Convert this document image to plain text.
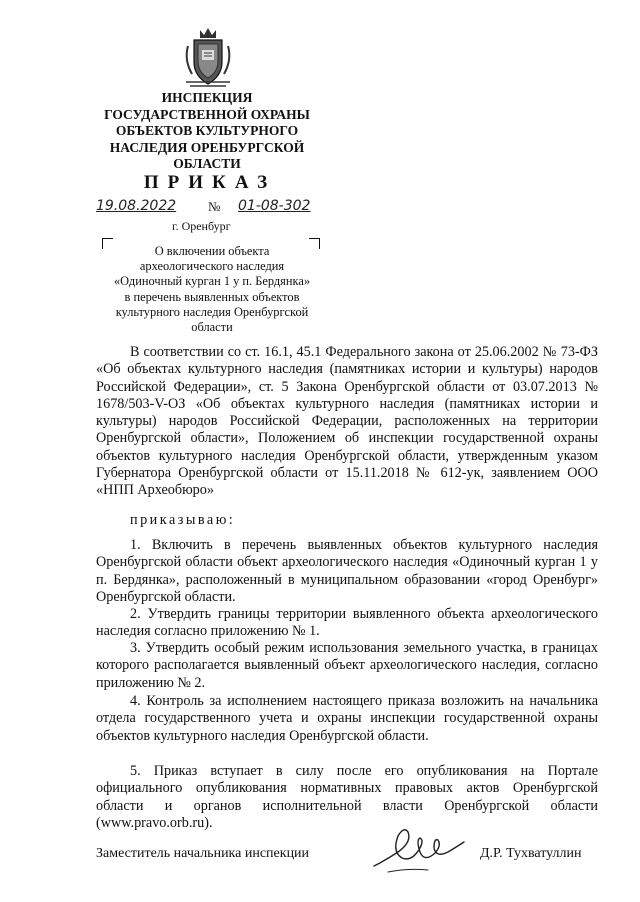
ИНСПЕКЦИЯ
ГОСУДАРСТВЕННОЙ ОХРАНЫ
ОБЪЕКТОВ КУЛЬТУРНОГО
НАСЛЕДИЯ ОРЕНБУРГСКОЙ
ОБЛАСТИ
ПРИКАЗ
19.08.2022 № 01-08-302
г. Оренбург
О включении объекта
археологического наследия
«Одиночный курган 1 у п. Бердянка»
в перечень выявленных объектов
культурного наследия Оренбургской
области
В соответствии со ст. 16.1, 45.1 Федерального закона от 25.06.2002 № 73-ФЗ «Об объектах культурного наследия (памятниках истории и культуры) народов Российской Федерации», ст. 5 Закона Оренбургской области от 03.07.2013 № 1678/503-V-ОЗ «Об объектах культурного наследия (памятниках истории и культуры) народов Российской Федерации, расположенных на территории Оренбургской области», Положением об инспекции государственной охраны объектов культурного наследия Оренбургской области, утвержденным указом Губернатора Оренбургской области от 15.11.2018 № 612-ук, заявлением ООО «НПП Археобюро»
приказываю:
1. Включить в перечень выявленных объектов культурного наследия Оренбургской области объект археологического наследия «Одиночный курган 1 у п. Бердянка», расположенный в муниципальном образовании «город Оренбург» Оренбургской области.
2. Утвердить границы территории выявленного объекта археологического наследия согласно приложению № 1.
3. Утвердить особый режим использования земельного участка, в границах которого располагается выявленный объект археологического наследия, согласно приложению № 2.
4. Контроль за исполнением настоящего приказа возложить на начальника отдела государственного учета и охраны инспекции государственной охраны объектов культурного наследия Оренбургской области.
5. Приказ вступает в силу после его опубликования на Портале официального опубликования нормативных правовых актов Оренбургской области и органов исполнительной власти Оренбургской области (www.pravo.orb.ru).
Заместитель начальника инспекции	Д.Р. Тухватуллин
